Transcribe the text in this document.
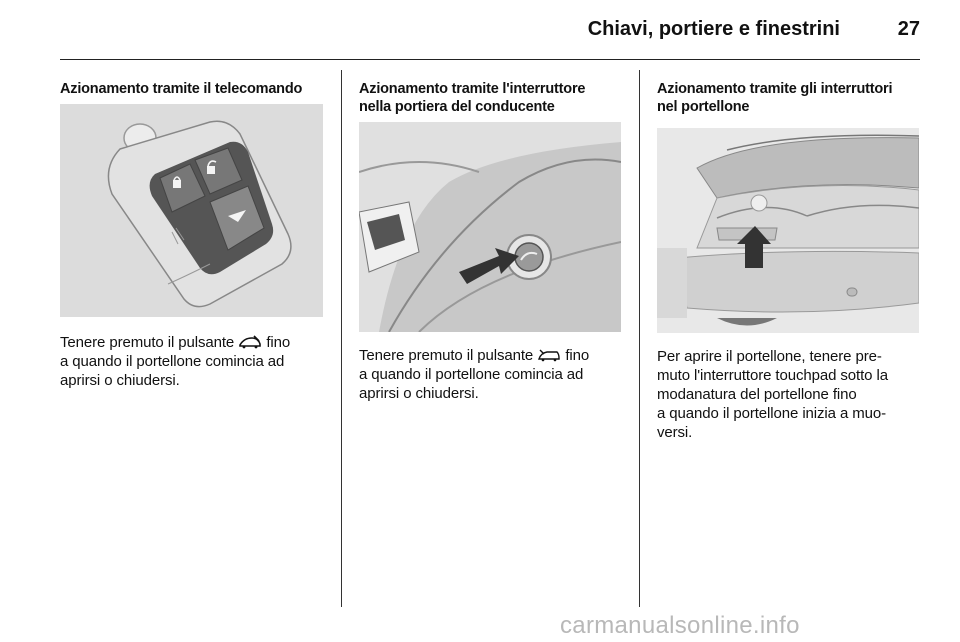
Chiavi, portiere e finestrini	27
Azionamento tramite il telecomando
Tenere premuto il pulsante fino
a quando il portellone comincia ad
aprirsi o chiudersi.
Azionamento tramite l'interruttore
nella portiera del conducente
Tenere premuto il pulsante fino
a quando il portellone comincia ad
aprirsi o chiudersi.
Azionamento tramite gli interruttori
nel portellone
Per aprire il portellone, tenere pre-
muto l'interruttore touchpad sotto la
modanatura del portellone fino
a quando il portellone inizia a muo-
versi.
carmanualsonline.info
